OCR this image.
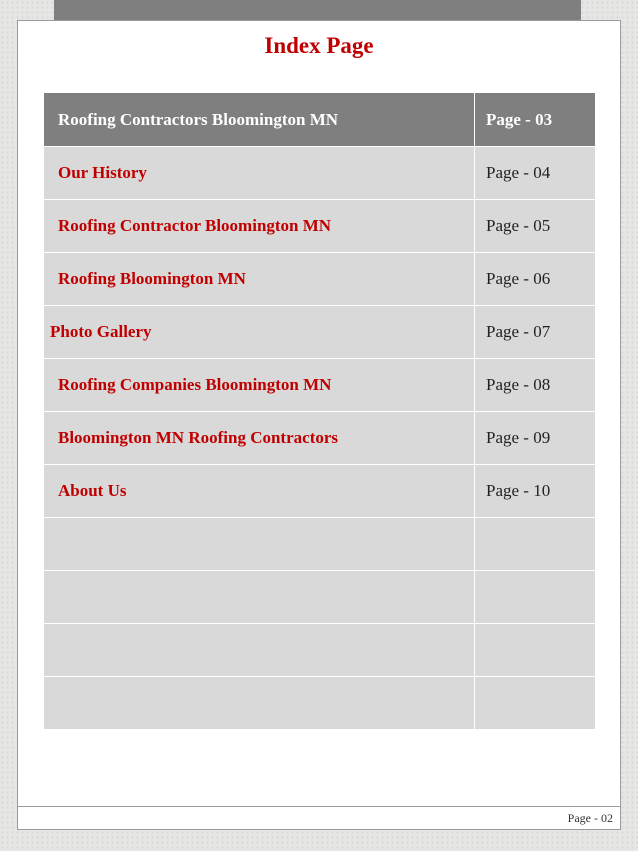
Index Page
Roofing Contractors Bloomington MN	Page - 03
Our History	Page - 04
Roofing Contractor Bloomington MN	Page - 05
Roofing Bloomington MN	Page - 06
Photo Gallery	Page - 07
Roofing Companies Bloomington MN	Page - 08
Bloomington MN Roofing Contractors	Page - 09
About Us	Page - 10

Page - 02
